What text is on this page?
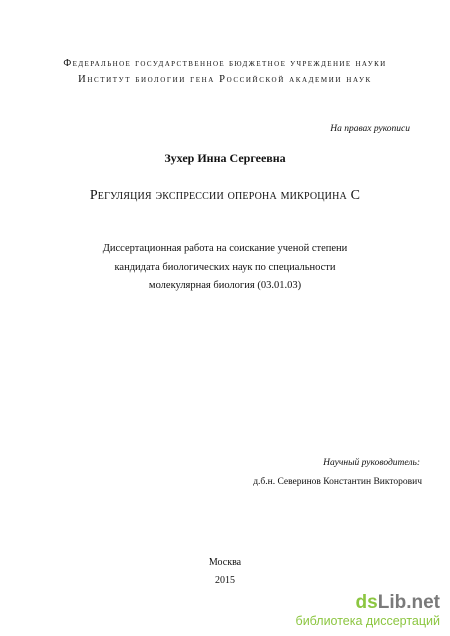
Федеральное государственное бюджетное учреждение науки
Институт биологии гена Российской академии наук
На правах рукописи
Зухер Инна Сергеевна
Регуляция экспрессии оперона микроцина С
Диссертационная работа на соискание ученой степени
кандидата биологических наук по специальности
молекулярная биология (03.01.03)
Научный руководитель:
д.б.н. Северинов Константин Викторович
Москва
2015
dsLib.net
библиотека диссертаций
